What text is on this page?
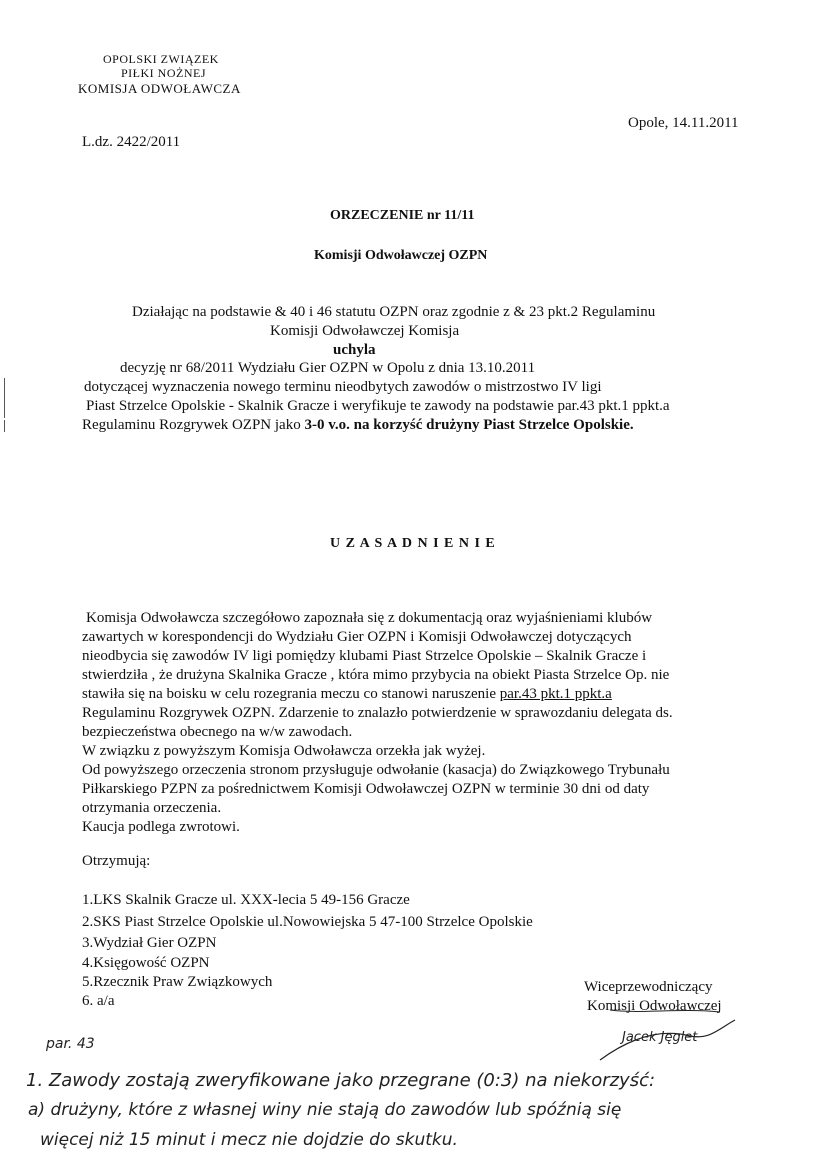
OPOLSKI ZWIĄZEK
PIŁKI NOŻNEJ
KOMISJA ODWOŁAWCZA
L.dz. 2422/2011
Opole, 14.11.2011
ORZECZENIE nr 11/11
Komisji Odwoławczej OZPN
Działając na podstawie & 40 i 46 statutu OZPN oraz zgodnie z & 23 pkt.2 Regulaminu
Komisji Odwoławczej Komisja
uchyla
decyzję nr 68/2011 Wydziału Gier OZPN w Opolu z dnia 13.10.2011
dotyczącej wyznaczenia nowego terminu nieodbytych zawodów o mistrzostwo IV ligi
Piast Strzelce Opolskie - Skalnik Gracze i weryfikuje te zawody na podstawie par.43 pkt.1 ppkt.a
Regulaminu Rozgrywek OZPN jako 3-0 v.o. na korzyść drużyny Piast Strzelce Opolskie.
U Z A S A D N I E N I E
Komisja Odwoławcza szczegółowo zapoznała się z dokumentacją oraz wyjaśnieniami klubów
zawartych w korespondencji do Wydziału Gier OZPN i Komisji Odwoławczej dotyczących
nieodbycia się zawodów IV ligi pomiędzy klubami Piast Strzelce Opolskie – Skalnik Gracze i
stwierdziła , że drużyna Skalnika Gracze , która mimo przybycia na obiekt Piasta Strzelce Op. nie
stawiła się na boisku w celu rozegrania meczu co stanowi naruszenie par.43 pkt.1 ppkt.a
Regulaminu Rozgrywek OZPN. Zdarzenie to znalazło potwierdzenie w sprawozdaniu delegata ds.
bezpieczeństwa obecnego na w/w zawodach.
W związku z powyższym Komisja Odwoławcza orzekła jak wyżej.
Od powyższego orzeczenia stronom przysługuje odwołanie (kasacja) do Związkowego Trybunału
Piłkarskiego PZPN za pośrednictwem Komisji Odwoławczej OZPN w terminie 30 dni od daty
otrzymania orzeczenia.
Kaucja podlega zwrotowi.
Otrzymują:
1.LKS Skalnik Gracze ul. XXX-lecia 5 49-156 Gracze
2.SKS Piast Strzelce Opolskie ul.Nowowiejska 5 47-100 Strzelce Opolskie
3.Wydział Gier OZPN
4.Księgowość OZPN
5.Rzecznik Praw Związkowych
6. a/a
Wiceprzewodniczący
Komisji Odwoławczej
Jacek Jęglet
par. 43
1. Zawody zostają zweryfikowane jako przegrane (0:3) na niekorzyść:
a) drużyny, które z własnej winy nie stają do zawodów lub spóźnią się
więcej niż 15 minut i mecz nie dojdzie do skutku.
